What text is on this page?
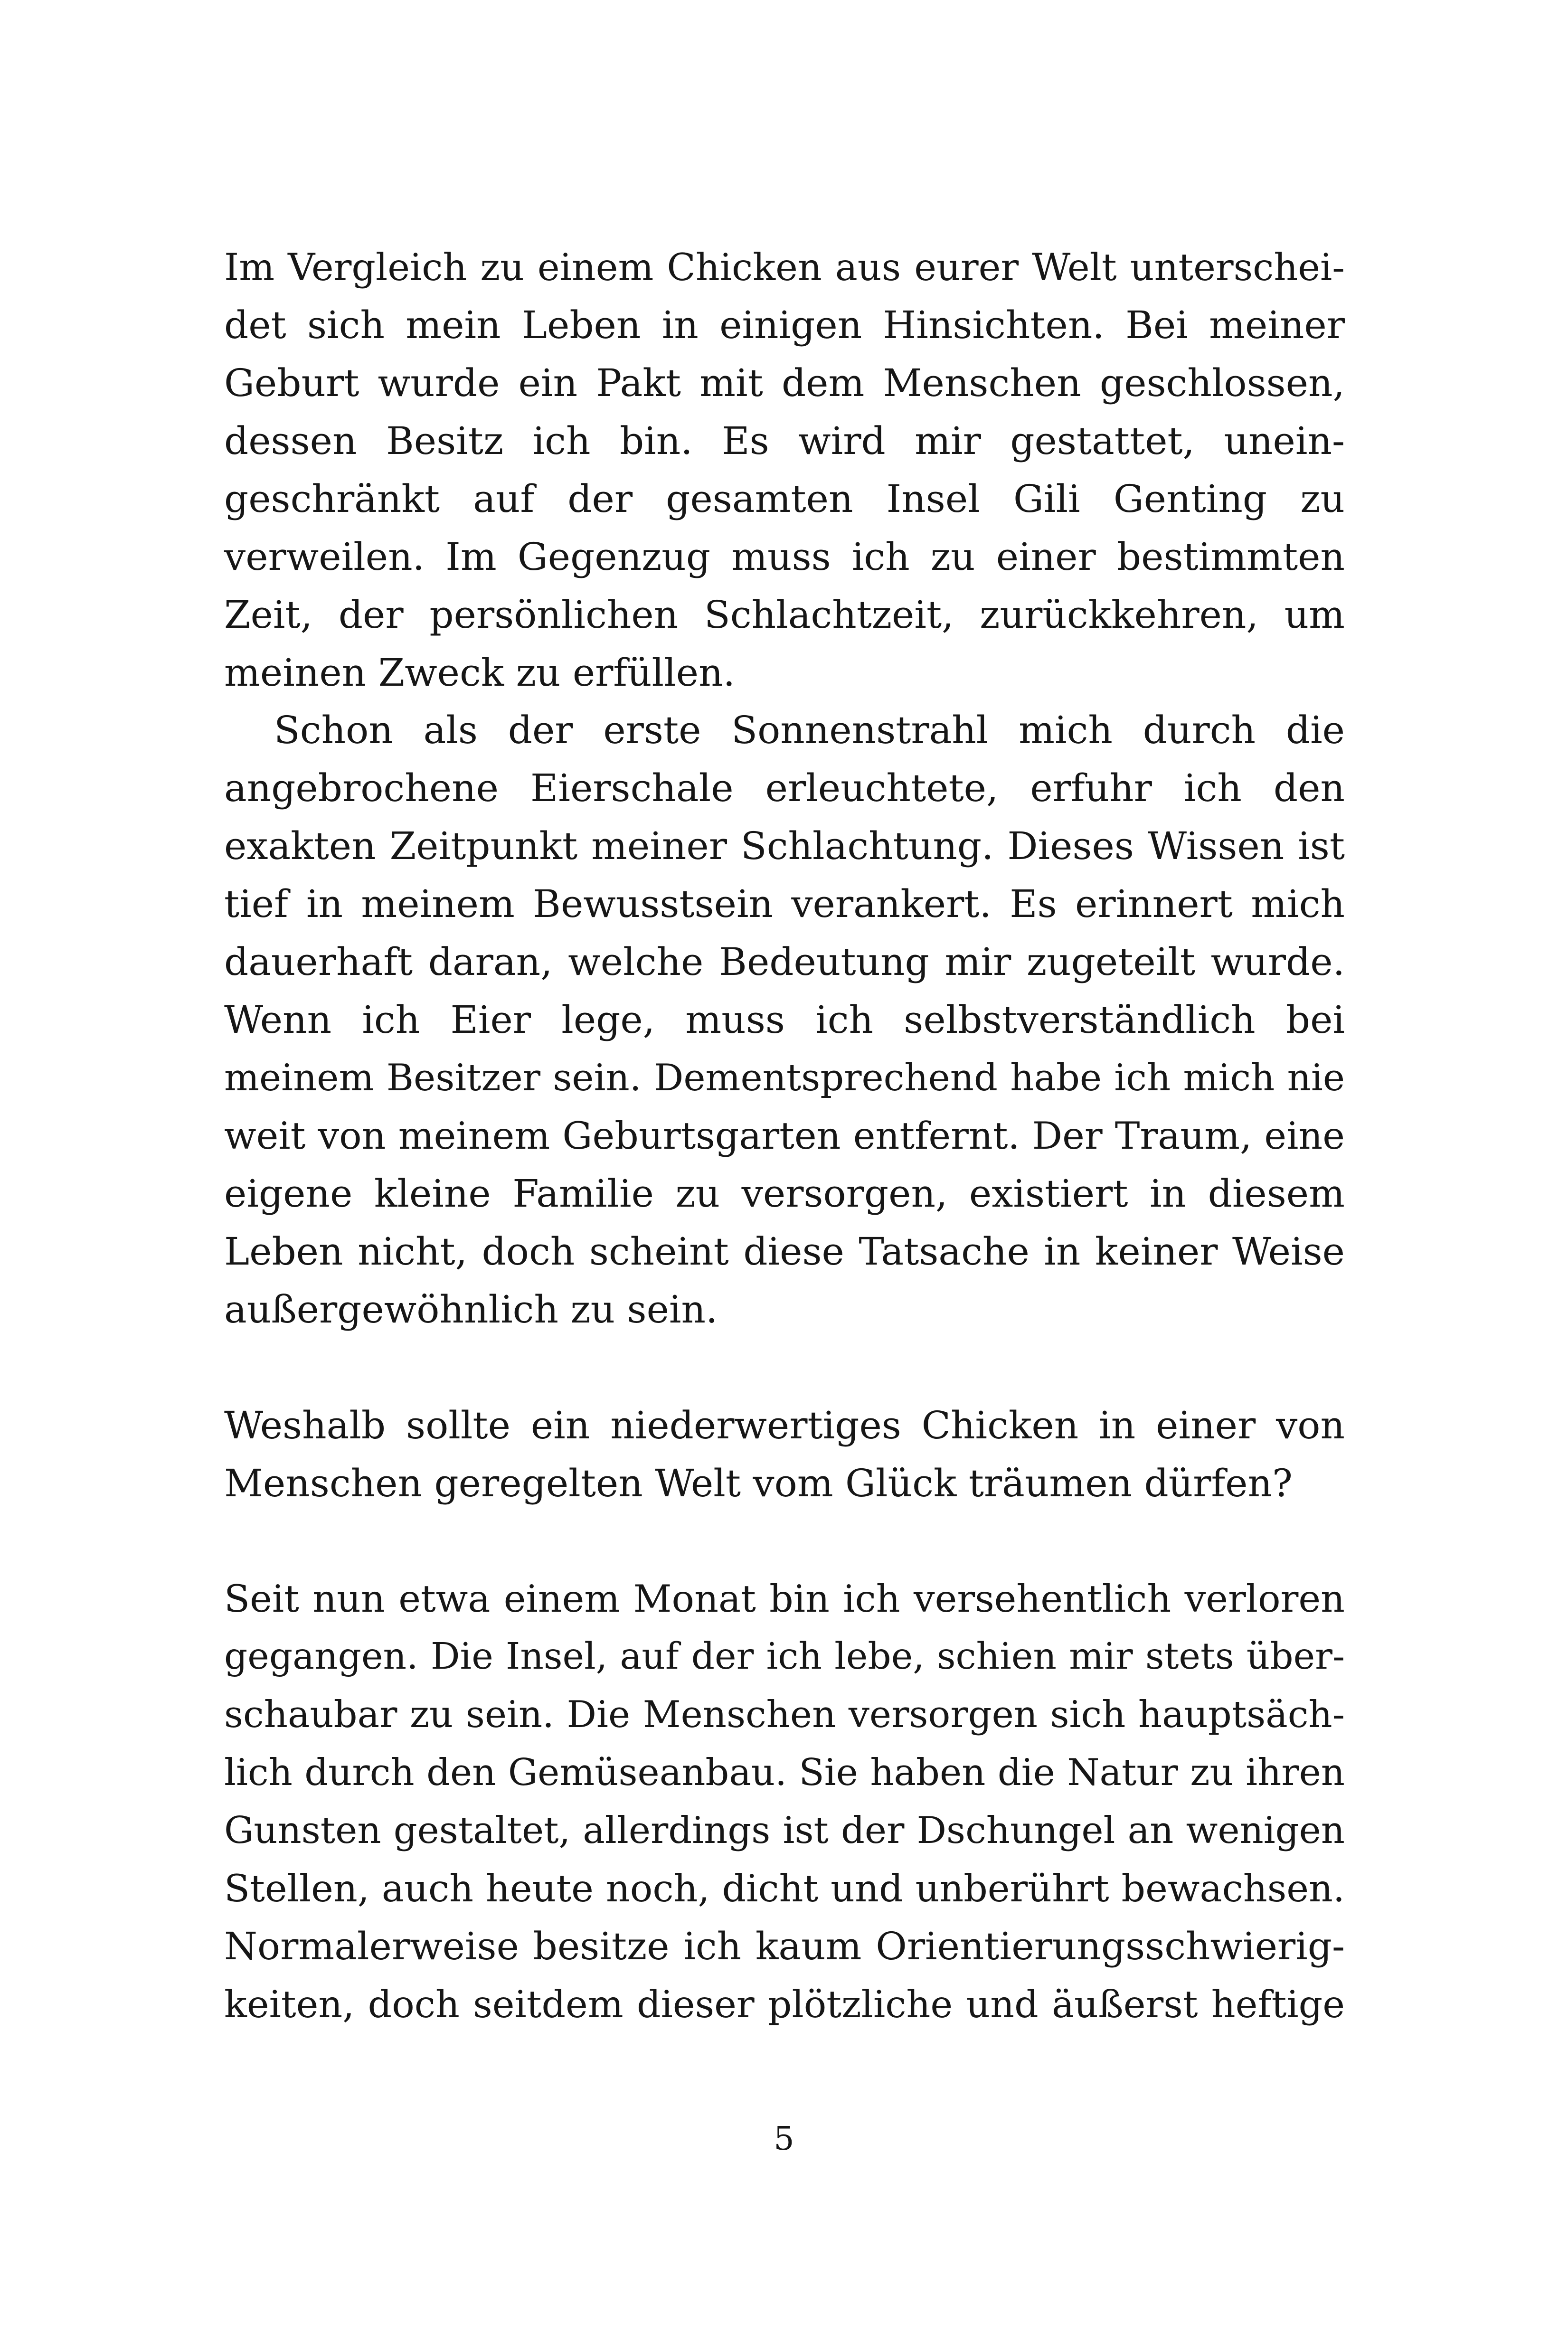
Im Vergleich zu einem Chicken aus eurer Welt unterschei-
det sich mein Leben in einigen Hinsichten. Bei meiner
Geburt wurde ein Pakt mit dem Menschen geschlossen,
dessen Besitz ich bin. Es wird mir gestattet, unein-
geschränkt auf der gesamten Insel Gili Genting zu
verweilen. Im Gegenzug muss ich zu einer bestimmten
Zeit, der persönlichen Schlachtzeit, zurückkehren, um
meinen Zweck zu erfüllen.
Schon als der erste Sonnenstrahl mich durch die
angebrochene Eierschale erleuchtete, erfuhr ich den
exakten Zeitpunkt meiner Schlachtung. Dieses Wissen ist
tief in meinem Bewusstsein verankert. Es erinnert mich
dauerhaft daran, welche Bedeutung mir zugeteilt wurde.
Wenn ich Eier lege, muss ich selbstverständlich bei
meinem Besitzer sein. Dementsprechend habe ich mich nie
weit von meinem Geburtsgarten entfernt. Der Traum, eine
eigene kleine Familie zu versorgen, existiert in diesem
Leben nicht, doch scheint diese Tatsache in keiner Weise
außergewöhnlich zu sein.
Weshalb sollte ein niederwertiges Chicken in einer von
Menschen geregelten Welt vom Glück träumen dürfen?
Seit nun etwa einem Monat bin ich versehentlich verloren
gegangen. Die Insel, auf der ich lebe, schien mir stets über-
schaubar zu sein. Die Menschen versorgen sich hauptsäch-
lich durch den Gemüseanbau. Sie haben die Natur zu ihren
Gunsten gestaltet, allerdings ist der Dschungel an wenigen
Stellen, auch heute noch, dicht und unberührt bewachsen.
Normalerweise besitze ich kaum Orientierungsschwierig-
keiten, doch seitdem dieser plötzliche und äußerst heftige
5
